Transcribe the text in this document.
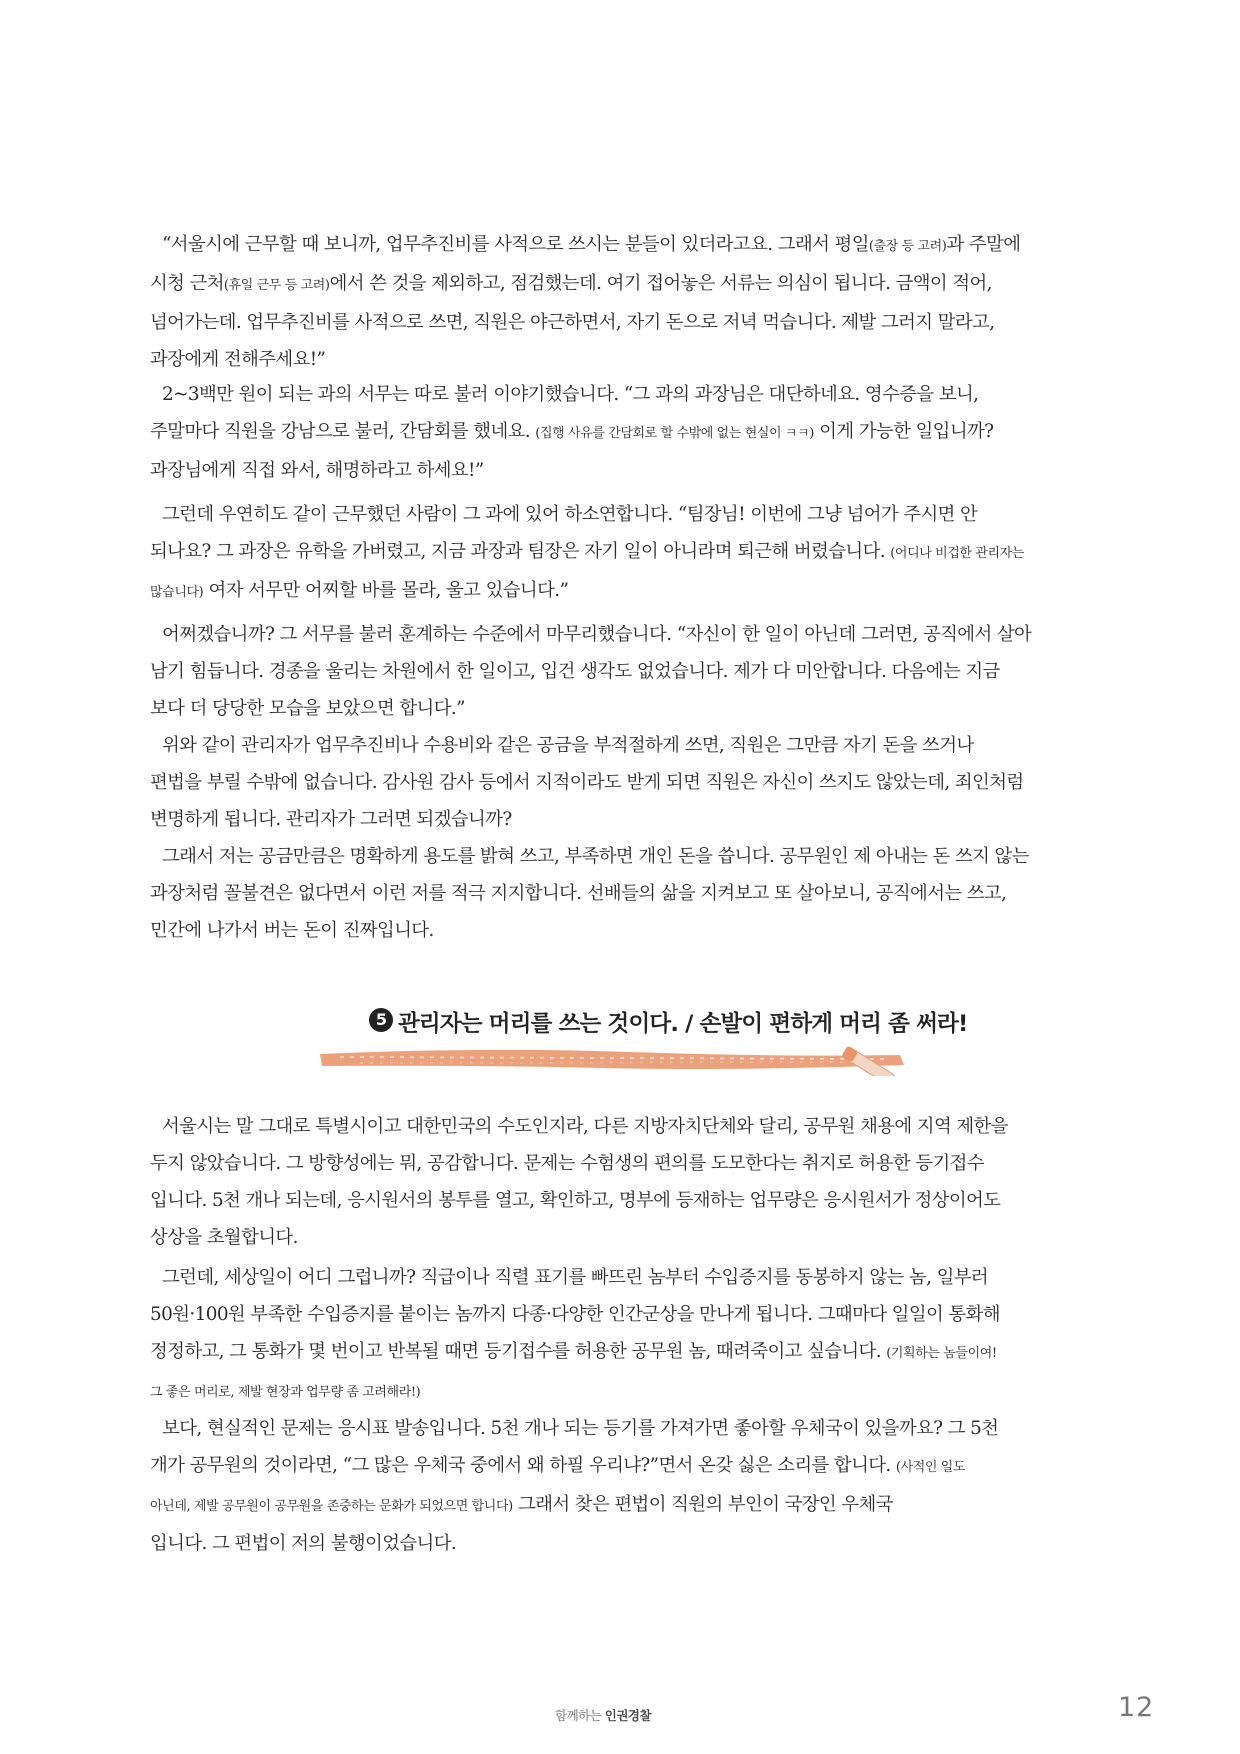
“서울시에 근무할 때 보니까, 업무추진비를 사적으로 쓰시는 분들이 있더라고요. 그래서 평일(출장 등 고려)과 주말에
시청 근처(휴일 근무 등 고려)에서 쓴 것을 제외하고, 점검했는데. 여기 접어놓은 서류는 의심이 됩니다. 금액이 적어,
넘어가는데. 업무추진비를 사적으로 쓰면, 직원은 야근하면서, 자기 돈으로 저녁 먹습니다. 제발 그러지 말라고,
과장에게 전해주세요!”

2~3백만 원이 되는 과의 서무는 따로 불러 이야기했습니다. “그 과의 과장님은 대단하네요. 영수증을 보니,
주말마다 직원을 강남으로 불러, 간담회를 했네요. (집행 사유를 간담회로 할 수밖에 없는 현실이 ㅋㅋ) 이게 가능한 일입니까?
과장님에게 직접 와서, 해명하라고 하세요!”

그런데 우연히도 같이 근무했던 사람이 그 과에 있어 하소연합니다. “팀장님! 이번에 그냥 넘어가 주시면 안
되나요? 그 과장은 유학을 가버렸고, 지금 과장과 팀장은 자기 일이 아니라며 퇴근해 버렸습니다. (어디나 비겁한 관리자는
많습니다) 여자 서무만 어찌할 바를 몰라, 울고 있습니다.”

어쩌겠습니까? 그 서무를 불러 훈계하는 수준에서 마무리했습니다. “자신이 한 일이 아닌데 그러면, 공직에서 살아
남기 힘듭니다. 경종을 울리는 차원에서 한 일이고, 입건 생각도 없었습니다. 제가 다 미안합니다. 다음에는 지금
보다 더 당당한 모습을 보았으면 합니다.”

위와 같이 관리자가 업무추진비나 수용비와 같은 공금을 부적절하게 쓰면, 직원은 그만큼 자기 돈을 쓰거나
편법을 부릴 수밖에 없습니다. 감사원 감사 등에서 지적이라도 받게 되면 직원은 자신이 쓰지도 않았는데, 죄인처럼
변명하게 됩니다. 관리자가 그러면 되겠습니까?

그래서 저는 공금만큼은 명확하게 용도를 밝혀 쓰고, 부족하면 개인 돈을 씁니다. 공무원인 제 아내는 돈 쓰지 않는
과장처럼 꼴불견은 없다면서 이런 저를 적극 지지합니다. 선배들의 삶을 지켜보고 또 살아보니, 공직에서는 쓰고,
민간에 나가서 버는 돈이 진짜입니다.

5 관리자는 머리를 쓰는 것이다. / 손발이 편하게 머리 좀 써라!

서울시는 말 그대로 특별시이고 대한민국의 수도인지라, 다른 지방자치단체와 달리, 공무원 채용에 지역 제한을
두지 않았습니다. 그 방향성에는 뭐, 공감합니다. 문제는 수험생의 편의를 도모한다는 취지로 허용한 등기접수
입니다. 5천 개나 되는데, 응시원서의 봉투를 열고, 확인하고, 명부에 등재하는 업무량은 응시원서가 정상이어도
상상을 초월합니다.

그런데, 세상일이 어디 그럽니까? 직급이나 직렬 표기를 빠뜨린 놈부터 수입증지를 동봉하지 않는 놈, 일부러
50원·100원 부족한 수입증지를 붙이는 놈까지 다종·다양한 인간군상을 만나게 됩니다. 그때마다 일일이 통화해
정정하고, 그 통화가 몇 번이고 반복될 때면 등기접수를 허용한 공무원 놈, 때려죽이고 싶습니다. (기획하는 놈들이여!
그 좋은 머리로, 제발 현장과 업무량 좀 고려해라!)

보다, 현실적인 문제는 응시표 발송입니다. 5천 개나 되는 등기를 가져가면 좋아할 우체국이 있을까요? 그 5천
개가 공무원의 것이라면, “그 많은 우체국 중에서 왜 하필 우리냐?”면서 온갖 싫은 소리를 합니다. (사적인 일도
아닌데, 제발 공무원이 공무원을 존중하는 문화가 되었으면 합니다) 그래서 찾은 편법이 직원의 부인이 국장인 우체국
입니다. 그 편법이 저의 불행이었습니다.

함께하는 인권경찰	12
